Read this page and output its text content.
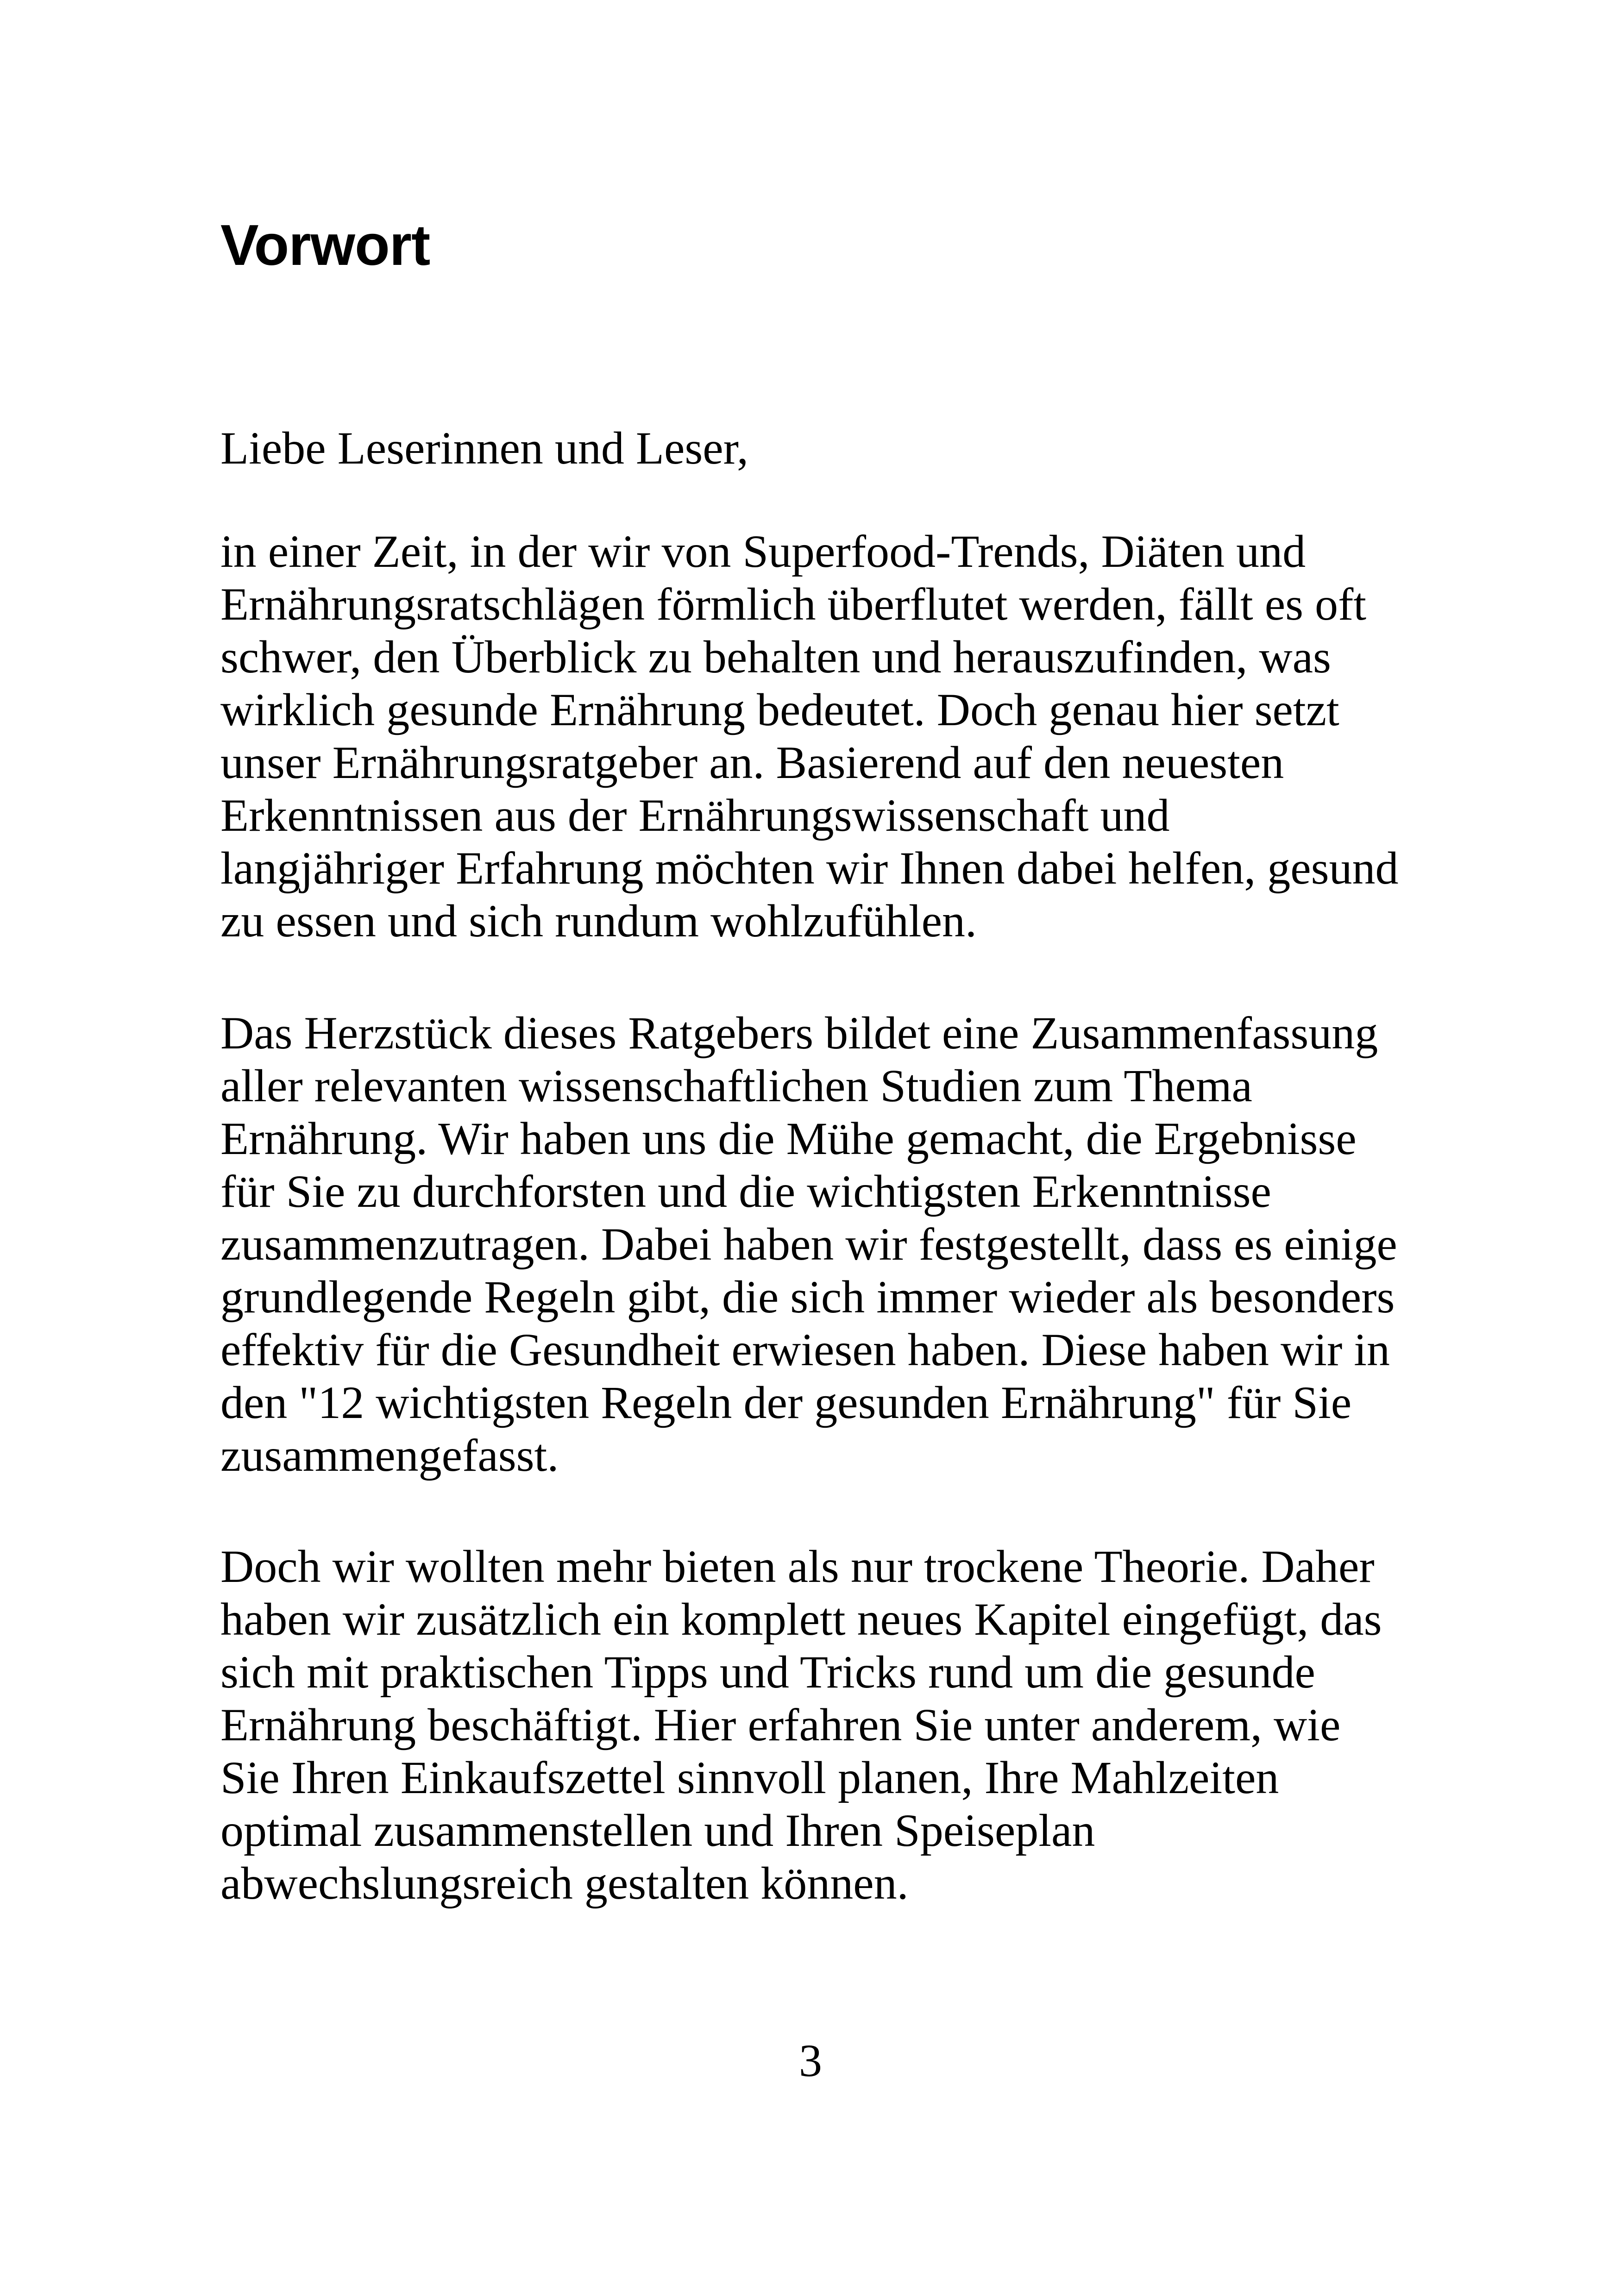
Vorwort

Liebe Leserinnen und Leser,

in einer Zeit, in der wir von Superfood-Trends, Diäten und
Ernährungsratschlägen förmlich überflutet werden, fällt es oft
schwer, den Überblick zu behalten und herauszufinden, was
wirklich gesunde Ernährung bedeutet. Doch genau hier setzt
unser Ernährungsratgeber an. Basierend auf den neuesten
Erkenntnissen aus der Ernährungswissenschaft und
langjähriger Erfahrung möchten wir Ihnen dabei helfen, gesund
zu essen und sich rundum wohlzufühlen.

Das Herzstück dieses Ratgebers bildet eine Zusammenfassung
aller relevanten wissenschaftlichen Studien zum Thema
Ernährung. Wir haben uns die Mühe gemacht, die Ergebnisse
für Sie zu durchforsten und die wichtigsten Erkenntnisse
zusammenzutragen. Dabei haben wir festgestellt, dass es einige
grundlegende Regeln gibt, die sich immer wieder als besonders
effektiv für die Gesundheit erwiesen haben. Diese haben wir in
den "12 wichtigsten Regeln der gesunden Ernährung" für Sie
zusammengefasst.

Doch wir wollten mehr bieten als nur trockene Theorie. Daher
haben wir zusätzlich ein komplett neues Kapitel eingefügt, das
sich mit praktischen Tipps und Tricks rund um die gesunde
Ernährung beschäftigt. Hier erfahren Sie unter anderem, wie
Sie Ihren Einkaufszettel sinnvoll planen, Ihre Mahlzeiten
optimal zusammenstellen und Ihren Speiseplan
abwechslungsreich gestalten können.

3
